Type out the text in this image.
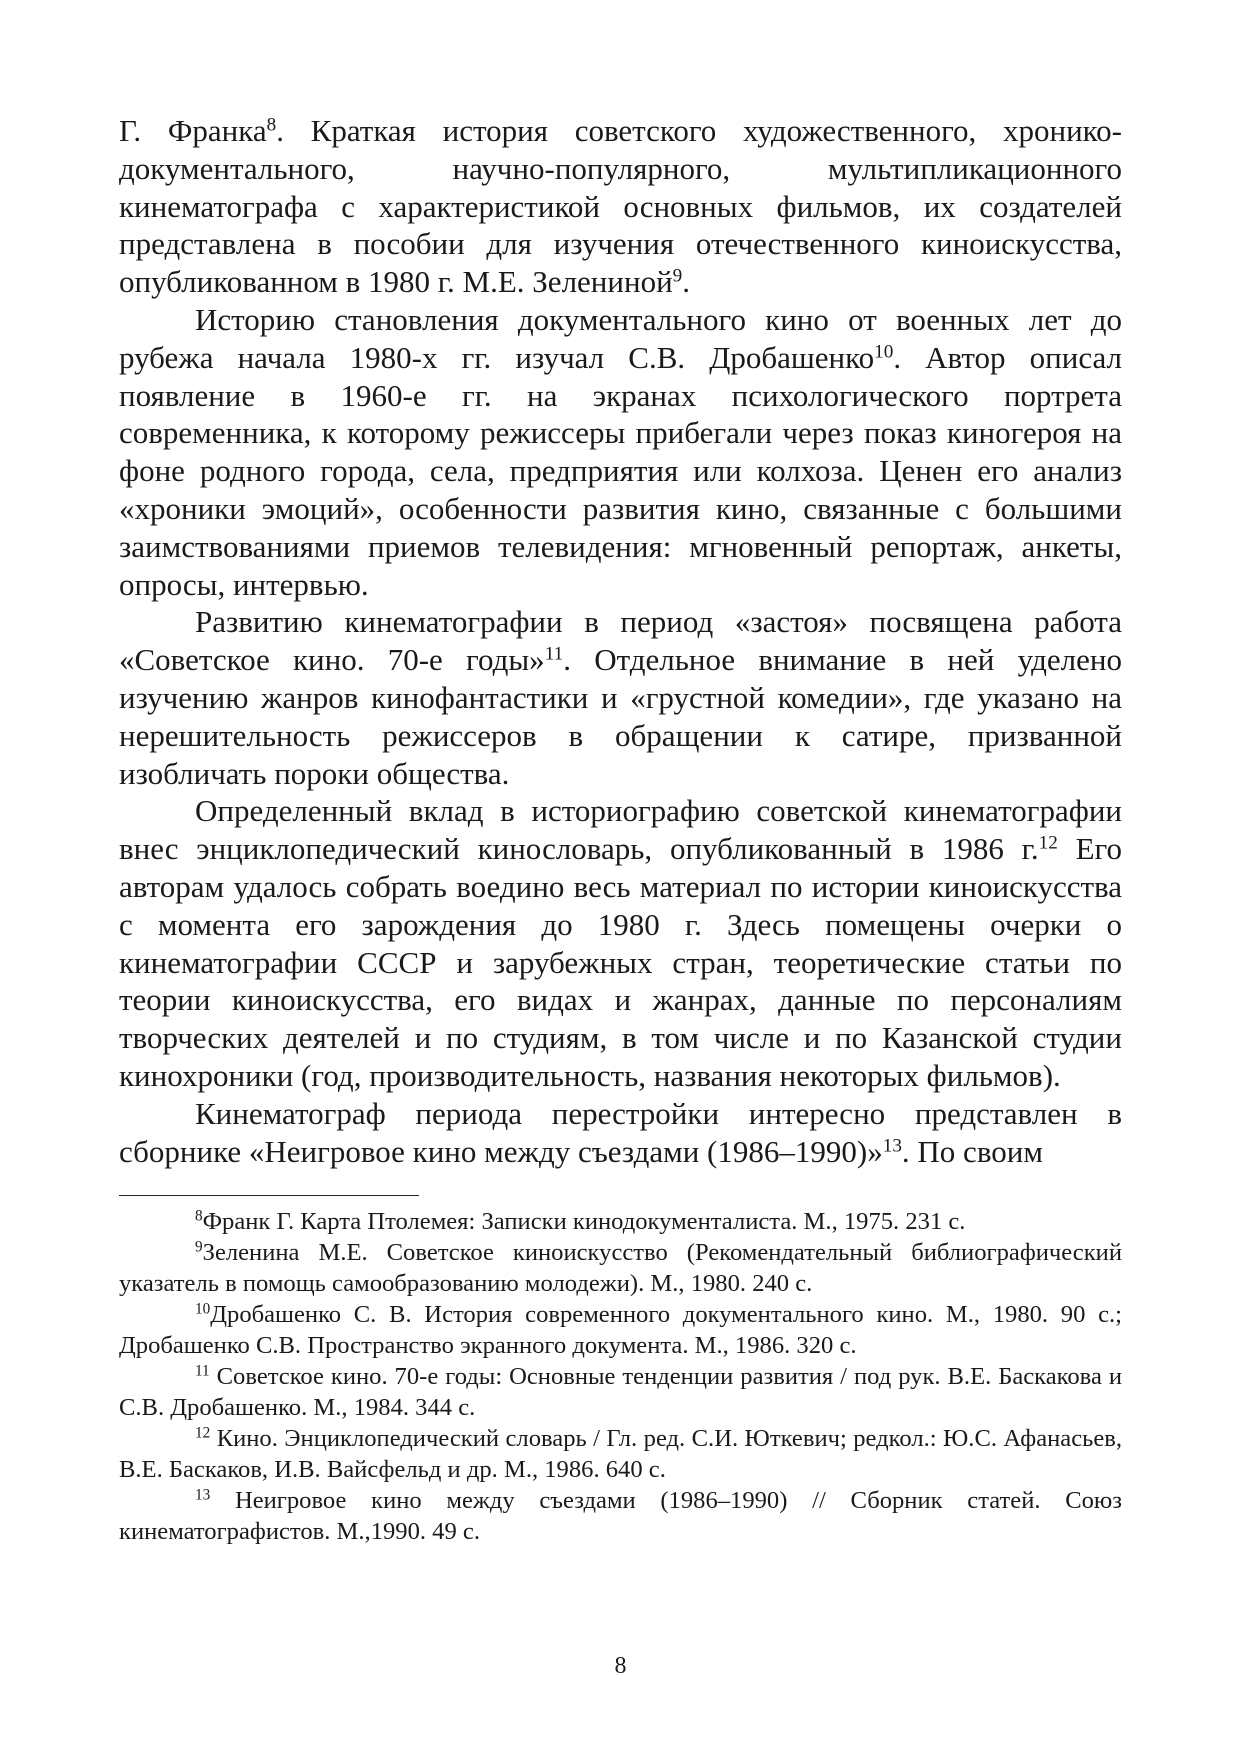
Г. Франка$^8$. Краткая история советского художественного, хронико-документального, научно-популярного, мультипликационного кинематографа с характеристикой основных фильмов, их создателей представлена в пособии для изучения отечественного киноискусства, опубликованном в 1980 г. М.Е. Зелениной$^9$.

Историю становления документального кино от военных лет до рубежа начала 1980-х гг. изучал С.В. Дробашенко$^{10}$. Автор описал появление в 1960-е гг. на экранах психологического портрета современника, к которому режиссеры прибегали через показ киногероя на фоне родного города, села, предприятия или колхоза. Ценен его анализ «хроники эмоций», особенности развития кино, связанные с большими заимствованиями приемов телевидения: мгновенный репортаж, анкеты, опросы, интервью.

Развитию кинематографии в период «застоя» посвящена работа «Советское кино. 70-е годы»$^{11}$. Отдельное внимание в ней уделено изучению жанров кинофантастики и «грустной комедии», где указано на нерешительность режиссеров в обращении к сатире, призванной изобличать пороки общества.

Определенный вклад в историографию советской кинематографии внес энциклопедический кинословарь, опубликованный в 1986 г.$^{12}$ Его авторам удалось собрать воедино весь материал по истории киноискусства с момента его зарождения до 1980 г. Здесь помещены очерки о кинематографии СССР и зарубежных стран, теоретические статьи по теории киноискусства, его видах и жанрах, данные по персоналиям творческих деятелей и по студиям, в том числе и по Казанской студии кинохроники (год, производительность, названия некоторых фильмов).

Кинематограф периода перестройки интересно представлен в сборнике «Неигровое кино между съездами (1986–1990)»$^{13}$. По своим

$^8$Франк Г. Карта Птолемея: Записки кинодокументалиста. М., 1975. 231 с.

$^9$Зеленина М.Е. Советское киноискусство (Рекомендательный библиографический указатель в помощь самообразованию молодежи). М., 1980. 240 с.

$^{10}$Дробашенко С. В. История современного документального кино. М., 1980. 90 с.; Дробашенко С.В. Пространство экранного документа. М., 1986. 320 с.

$^{11}$ Советское кино. 70-е годы: Основные тенденции развития / под рук. В.Е. Баскакова и С.В. Дробашенко. М., 1984. 344 с.

$^{12}$ Кино. Энциклопедический словарь / Гл. ред. С.И. Юткевич; редкол.: Ю.С. Афанасьев, В.Е. Баскаков, И.В. Вайсфельд и др. М., 1986. 640 с.

$^{13}$ Неигровое кино между съездами (1986–1990) // Сборник статей. Союз кинематографистов. М.,1990. 49 с.

8
